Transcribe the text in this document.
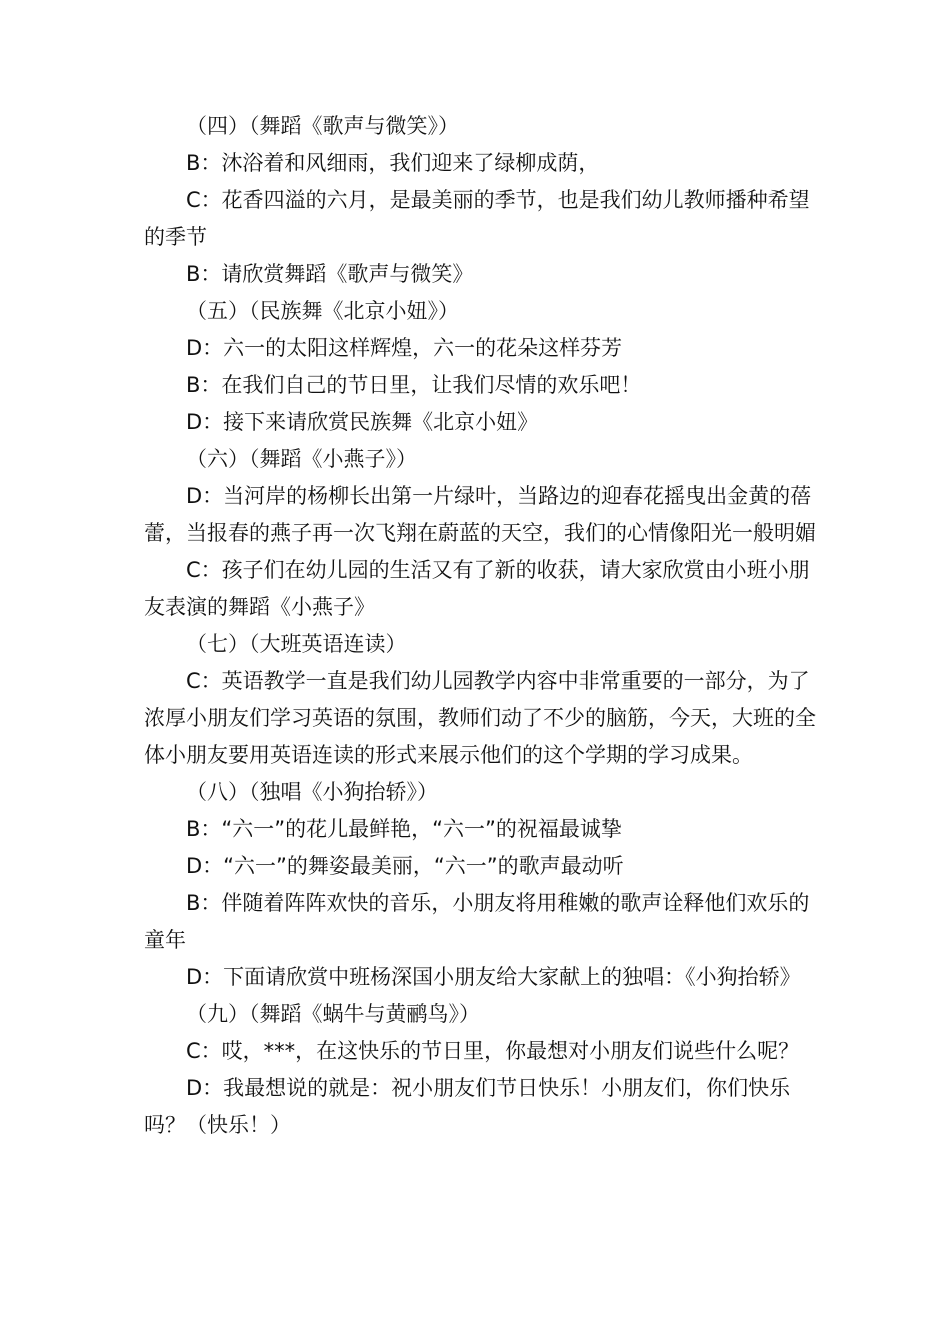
（四）（舞蹈《歌声与微笑》）

B：沐浴着和风细雨，我们迎来了绿柳成荫，

C：花香四溢的六月，是最美丽的季节，也是我们幼儿教师播种希望的季节

B：请欣赏舞蹈《歌声与微笑》

（五）（民族舞《北京小妞》）

D：六一的太阳这样辉煌，六一的花朵这样芬芳

B：在我们自己的节日里，让我们尽情的欢乐吧！

D：接下来请欣赏民族舞《北京小妞》

（六）（舞蹈《小燕子》）

D：当河岸的杨柳长出第一片绿叶，当路边的迎春花摇曳出金黄的蓓蕾，当报春的燕子再一次飞翔在蔚蓝的天空，我们的心情像阳光一般明媚

C：孩子们在幼儿园的生活又有了新的收获，请大家欣赏由小班小朋友表演的舞蹈《小燕子》

（七）（大班英语连读）

C：英语教学一直是我们幼儿园教学内容中非常重要的一部分，为了浓厚小朋友们学习英语的氛围，教师们动了不少的脑筋，今天，大班的全体小朋友要用英语连读的形式来展示他们的这个学期的学习成果。

（八）（独唱《小狗抬轿》）

B：“六一”的花儿最鲜艳，“六一”的祝福最诚挚

D：“六一”的舞姿最美丽，“六一”的歌声最动听

B：伴随着阵阵欢快的音乐，小朋友将用稚嫩的歌声诠释他们欢乐的童年

D：下面请欣赏中班杨深国小朋友给大家献上的独唱：《小狗抬轿》

（九）（舞蹈《蜗牛与黄鹂鸟》）

C：哎，***，在这快乐的节日里，你最想对小朋友们说些什么呢？

D：我最想说的就是：祝小朋友们节日快乐！小朋友们，你们快乐吗？（快乐！）
